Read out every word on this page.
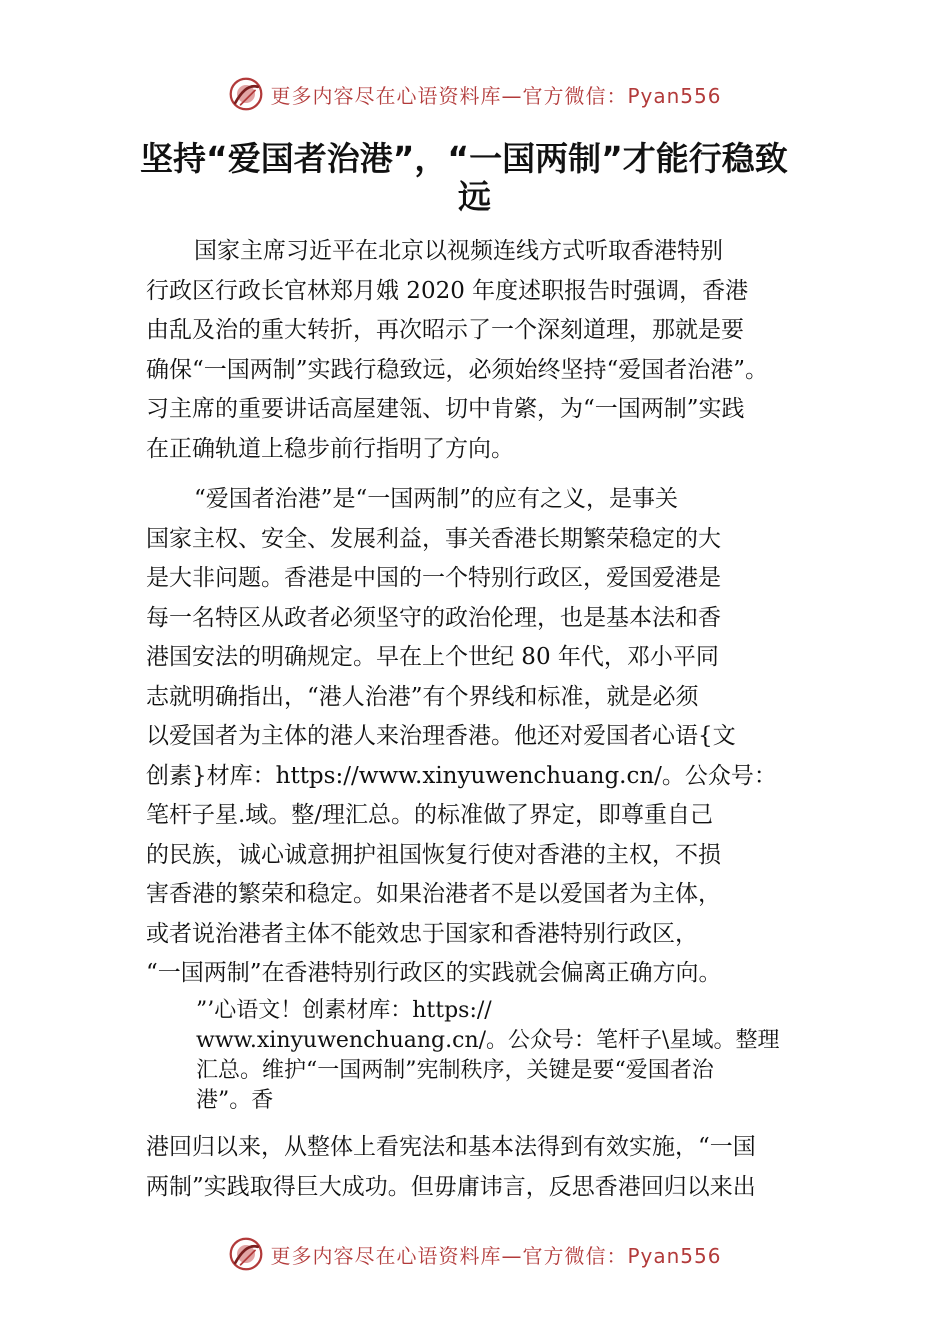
更多内容尽在心语资料库—官方微信：Pyan556
坚持“爱国者治港”，“一国两制”才能行稳致
远
国家主席习近平在北京以视频连线方式听取香港特别
行政区行政长官林郑月娥 2020 年度述职报告时强调，香港
由乱及治的重大转折，再次昭示了一个深刻道理，那就是要
确保“一国两制”实践行稳致远，必须始终坚持“爱国者治港”。
习主席的重要讲话高屋建瓴、切中肯綮，为“一国两制”实践
在正确轨道上稳步前行指明了方向。
“爱国者治港”是“一国两制”的应有之义，是事关
国家主权、安全、发展利益，事关香港长期繁荣稳定的大
是大非问题。香港是中国的一个特别行政区，爱国爱港是
每一名特区从政者必须坚守的政治伦理，也是基本法和香
港国安法的明确规定。早在上个世纪 80 年代，邓小平同
志就明确指出，“港人治港”有个界线和标准，就是必须
以爱国者为主体的港人来治理香港。他还对爱国者心语{文
创素}材库：https://www.xinyuwenchuang.cn/。公众号：
笔杆子星.域。整/理汇总。的标准做了界定，即尊重自己
的民族，诚心诚意拥护祖国恢复行使对香港的主权，不损
害香港的繁荣和稳定。如果治港者不是以爱国者为主体，
或者说治港者主体不能效忠于国家和香港特别行政区，
“一国两制”在香港特别行政区的实践就会偏离正确方向。
”’心语文！创素材库：https://
www.xinyuwenchuang.cn/。公众号：笔杆子\星域。整理
汇总。维护“一国两制”宪制秩序，关键是要“爱国者治
港”。香
港回归以来，从整体上看宪法和基本法得到有效实施，“一国
两制”实践取得巨大成功。但毋庸讳言，反思香港回归以来出
更多内容尽在心语资料库—官方微信：Pyan556
